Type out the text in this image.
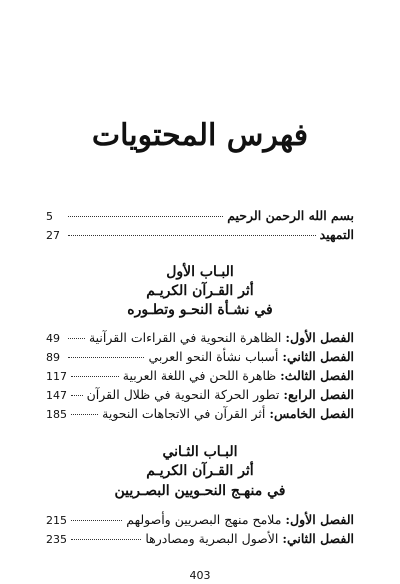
فهرس المحتويات
بسم الله الرحمن الرحيم
5
التمهيد
27
البـاب الأول
أثر القـرآن الكريـم
في نشـأة النحـو وتطـوره
الفصل الأول: الظاهرة النحوية في القراءات القرآنية
49
الفصل الثاني: أسباب نشأة النحو العربي
89
الفصل الثالث: ظاهرة اللحن في اللغة العربية
117
الفصل الرابع: تطور الحركة النحوية في ظلال القرآن
147
الفصل الخامس: أثر القرآن في الاتجاهات النحوية
185
البـاب الثـاني
أثر القـرآن الكريـم
في منهـج النحـويين البصـريين
الفصل الأول: ملامح منهج البصريين وأصولهم
215
الفصل الثاني: الأصول البصرية ومصادرها
235
403
